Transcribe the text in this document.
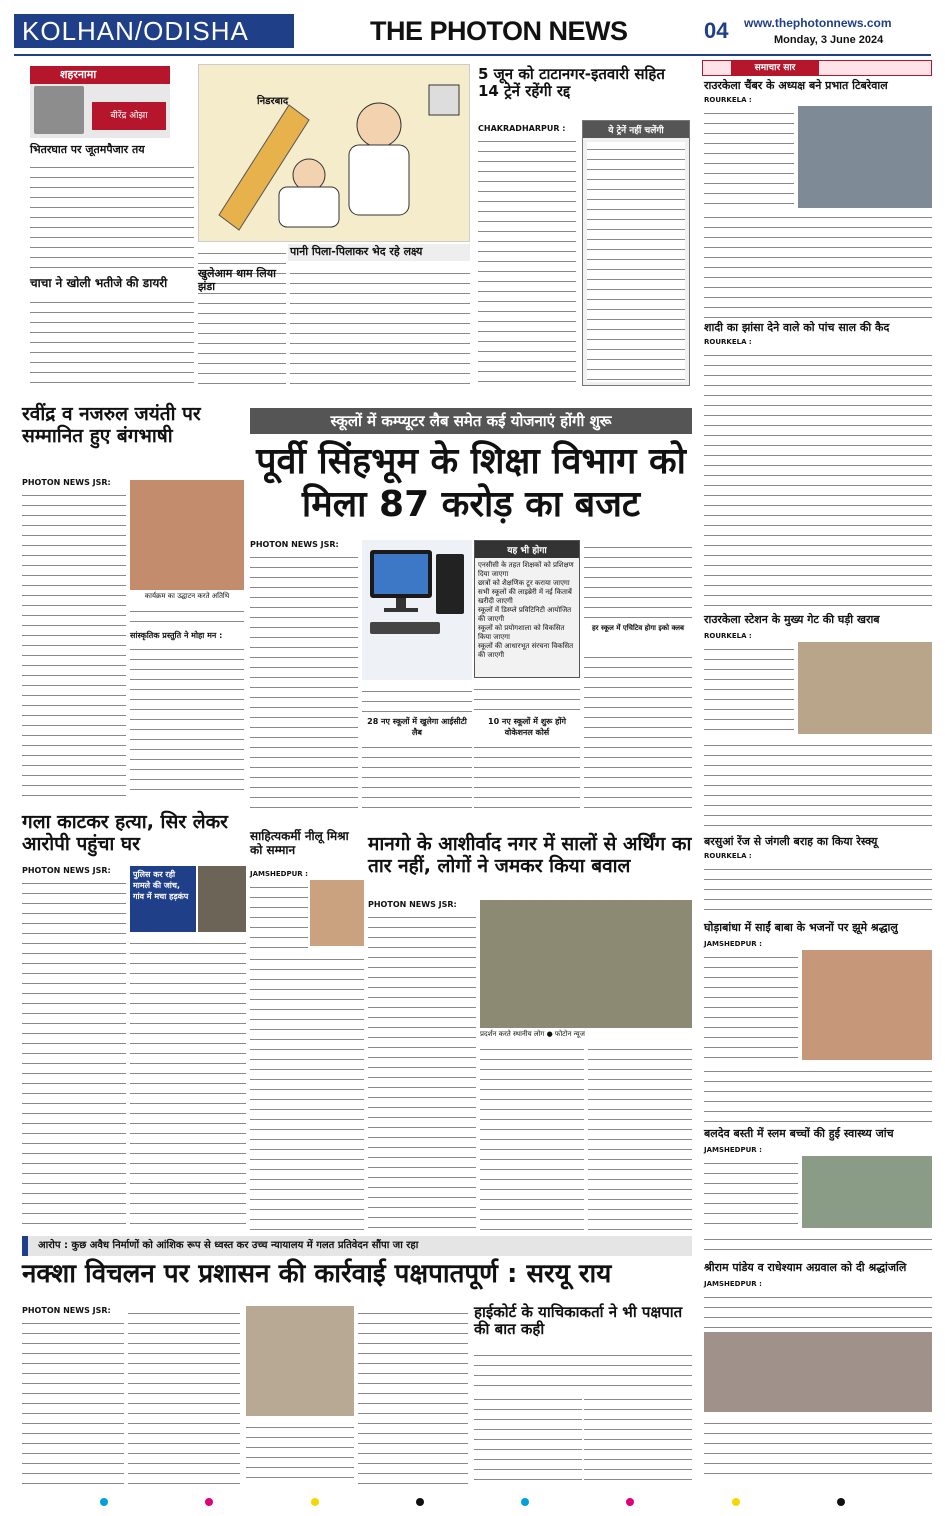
KOLHAN/ODISHA	THE PHOTON NEWS	04 www.thephotonnews.com
Monday, 3 June 2024
शहरनामा
बीरेंद्र ओझा
भितरघात पर जूतमपैजार तय
चाचा ने खोली भतीजे की डायरी
निडरबाद
पानी पिला-पिलाकर भेद रहे लक्ष्य
खुलेआम थाम लिया झंडा
5 जून को टाटानगर-इतवारी सहित 14 ट्रेनें रहेंगी रद्द
CHAKRADHARPUR :	ये ट्रेनें नहीं चलेंगी
समाचार सार
राउरकेला चैंबर के अध्यक्ष बने प्रभात टिबरेवाल
ROURKELA :
शादी का झांसा देने वाले को पांच साल की कैद
ROURKELA :
राउरकेला स्टेशन के मुख्य गेट की घड़ी खराब
ROURKELA :
बरसुआं रेंज से जंगली बराह का किया रेस्क्यू
ROURKELA :
घोड़ाबांधा में साईं बाबा के भजनों पर झूमे श्रद्धालु
JAMSHEDPUR :
बलदेव बस्ती में स्लम बच्चों की हुई स्वास्थ्य जांच
JAMSHEDPUR :
श्रीराम पांडेय व राधेश्याम अग्रवाल को दी श्रद्धांजलि
JAMSHEDPUR :
रवींद्र व नजरुल जयंती पर सम्मानित हुए बंगभाषी
PHOTON NEWS JSR:
कार्यक्रम का उद्घाटन करते अतिथि
सांस्कृतिक प्रस्तुति ने मोहा मन :
स्कूलों में कम्प्यूटर लैब समेत कई योजनाएं होंगी शुरू
पूर्वी सिंहभूम के शिक्षा विभाग को मिला 87 करोड़ का बजट
PHOTON NEWS JSR:
यह भी होगा
एनसीसी के तहत शिक्षकों को प्रशिक्षण दिया जाएगा
छात्रों को शैक्षणिक टूर कराया जाएगा
सभी स्कूलों की लाइब्रेरी में नई किताबें खरीदी जाएगी
स्कूलों में डिस्प्ले प्रविटिनिटी आयोजित की जाएगी
स्कूलों को प्रयोगशाला को विकसित किया जाएगा
स्कूलों की आधारभूत संरचना विकसित की जाएगी
28 नए स्कूलों में खुलेगा आईसीटी लैब
10 नए स्कूलों में शुरू होंगे वोकेशनल कोर्स
हर स्कूल में एचिटिव होगा इको क्लब
गला काटकर हत्या, सिर लेकर आरोपी पहुंचा घर
PHOTON NEWS JSR:	पुलिस कर रही मामले की जांच, गांव में मचा हड़कंप
साहित्यकर्मी नीलू मिश्रा को सम्मान
JAMSHEDPUR :
मानगो के आशीर्वाद नगर में सालों से अर्थिंग का तार नहीं, लोगों ने जमकर किया बवाल
PHOTON NEWS JSR:
प्रदर्शन करते स्थानीय लोग ● फोटोन न्यूज
आरोप : कुछ अवैध निर्माणों को आंशिक रूप से ध्वस्त कर उच्च न्यायालय में गलत प्रतिवेदन सौंपा जा रहा
नक्शा विचलन पर प्रशासन की कार्रवाई पक्षपातपूर्ण : सरयू राय
PHOTON NEWS JSR:	हाईकोर्ट के याचिकाकर्ता ने भी पक्षपात की बात कही
